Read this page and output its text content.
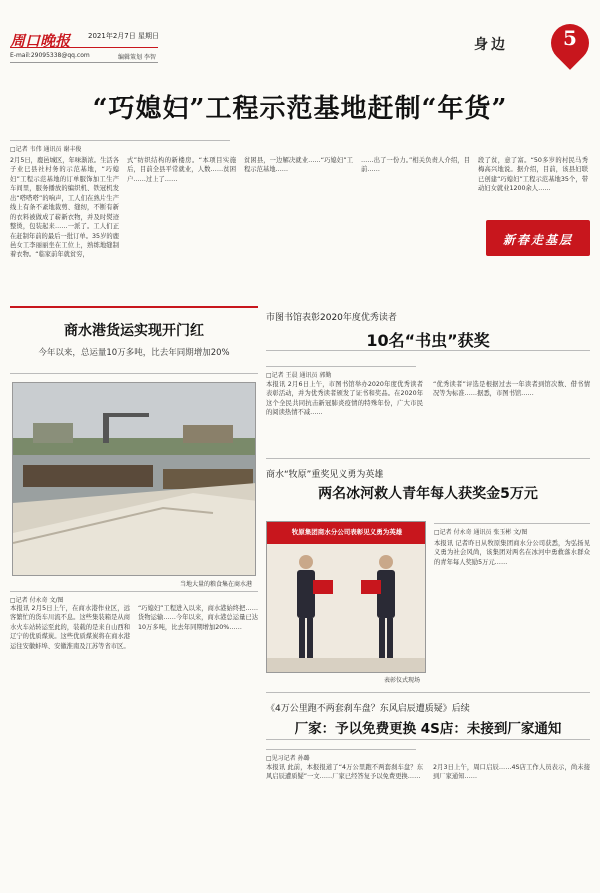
周口晚报	2021年2月7日 星期日
E-mail:29095338@qq.com	编辑策划 李智
身边	5
“巧媳妇”工程示范基地赶制“年货”
□记者 韦伟 通讯员 谢丰俊
2月5日，鹿邑城区，年味渐浓。生活各子业巳县社村务的示范基地，“巧媳妇”工程示范基地的订单服饰加工生产车间里，服务播放的编织机、铁冠机发出“嗒嗒嗒”的响声，工人们在熟片生产线上有条不紊地裁剪、缝纫，不断有新的衣料被做成了崭新衣物，并及时熨迹整烫，包装起来……一派了。工人们正在赶制年前的最后一批订单。35岁的鹿邑女工李丽丽坐在工位上，熟练地缝制着衣物。“临家前年就贫穷，
式”纺织结构的新楼房。“本项目实施后，目前全县平常就业，人数……贫困户……过上了……
贫困县，一边解决就业……“巧媳妇”工程示范基地……
……出了一份力。”相关负责人介绍，目前……
段了贫，意了富。“50多岁的村民马秀梅高兴地说。据介绍，目前，该县妇联已创建“巧媳妇”工程示范基地35个，带动妇女就业1200余人……
新春走基层
商水港货运实现开门红
今年以来，总运量10万多吨，比去年同期增加20%
当地大量的粮食集在商水港
□记者 付永奇 文/图
本报讯 2月5日上午，在商水港作业区，远客繁忙的货车川流不息。这些集装箱是从商水火车站转运至此的，装载的是来自山西和辽宁的优质煤炭。这些优质煤炭将在商水港运往安徽蚌埠、安徽淮南及江苏等省市区。
“巧媳妇”工程进入以来，商水港始终把……货物运输……今年以来，商水港总运量已达10万多吨，比去年同期增加20%……
市图书馆表彰2020年度优秀读者
10名“书虫”获奖
□记者 王晨 通讯员 郭勤
本报讯 2月6日上午，市图书馆举办2020年度优秀读者表彰活动，并为优秀读者颁发了证书和奖品。在2020年这个全民共同抗击新冠肺炎疫情的特殊年份，广大市民的阅读热情不减……
“优秀读者”评选是根据过去一年读者到馆次数、借书情况等为标准……据悉，市图书馆……
商水“牧原”重奖见义勇为英雄
两名冰河救人青年每人获奖金5万元
牧原集团商水分公司表彰见义勇为英雄
表彰仪式现场
□记者 付永奇 通讯员 张玉彬 文/图
本报讯 记者昨日从牧原集团商水分公司获悉，为弘扬见义勇为社会风尚，该集团对两名在冰河中勇救落水群众的青年每人奖励5万元……
《4万公里跑不两套刹车盘？东风启辰遭质疑》后续
厂家：予以免费更换 4S店：未接到厂家通知
□见习记者 孙璐
本报讯 此前，本报报道了“4万公里跑不两套刹车盘？东风启辰遭质疑”一文……厂家已经答复予以免费更换……
2月3日上午，周口启辰……4S店工作人员表示，尚未接到厂家通知……
